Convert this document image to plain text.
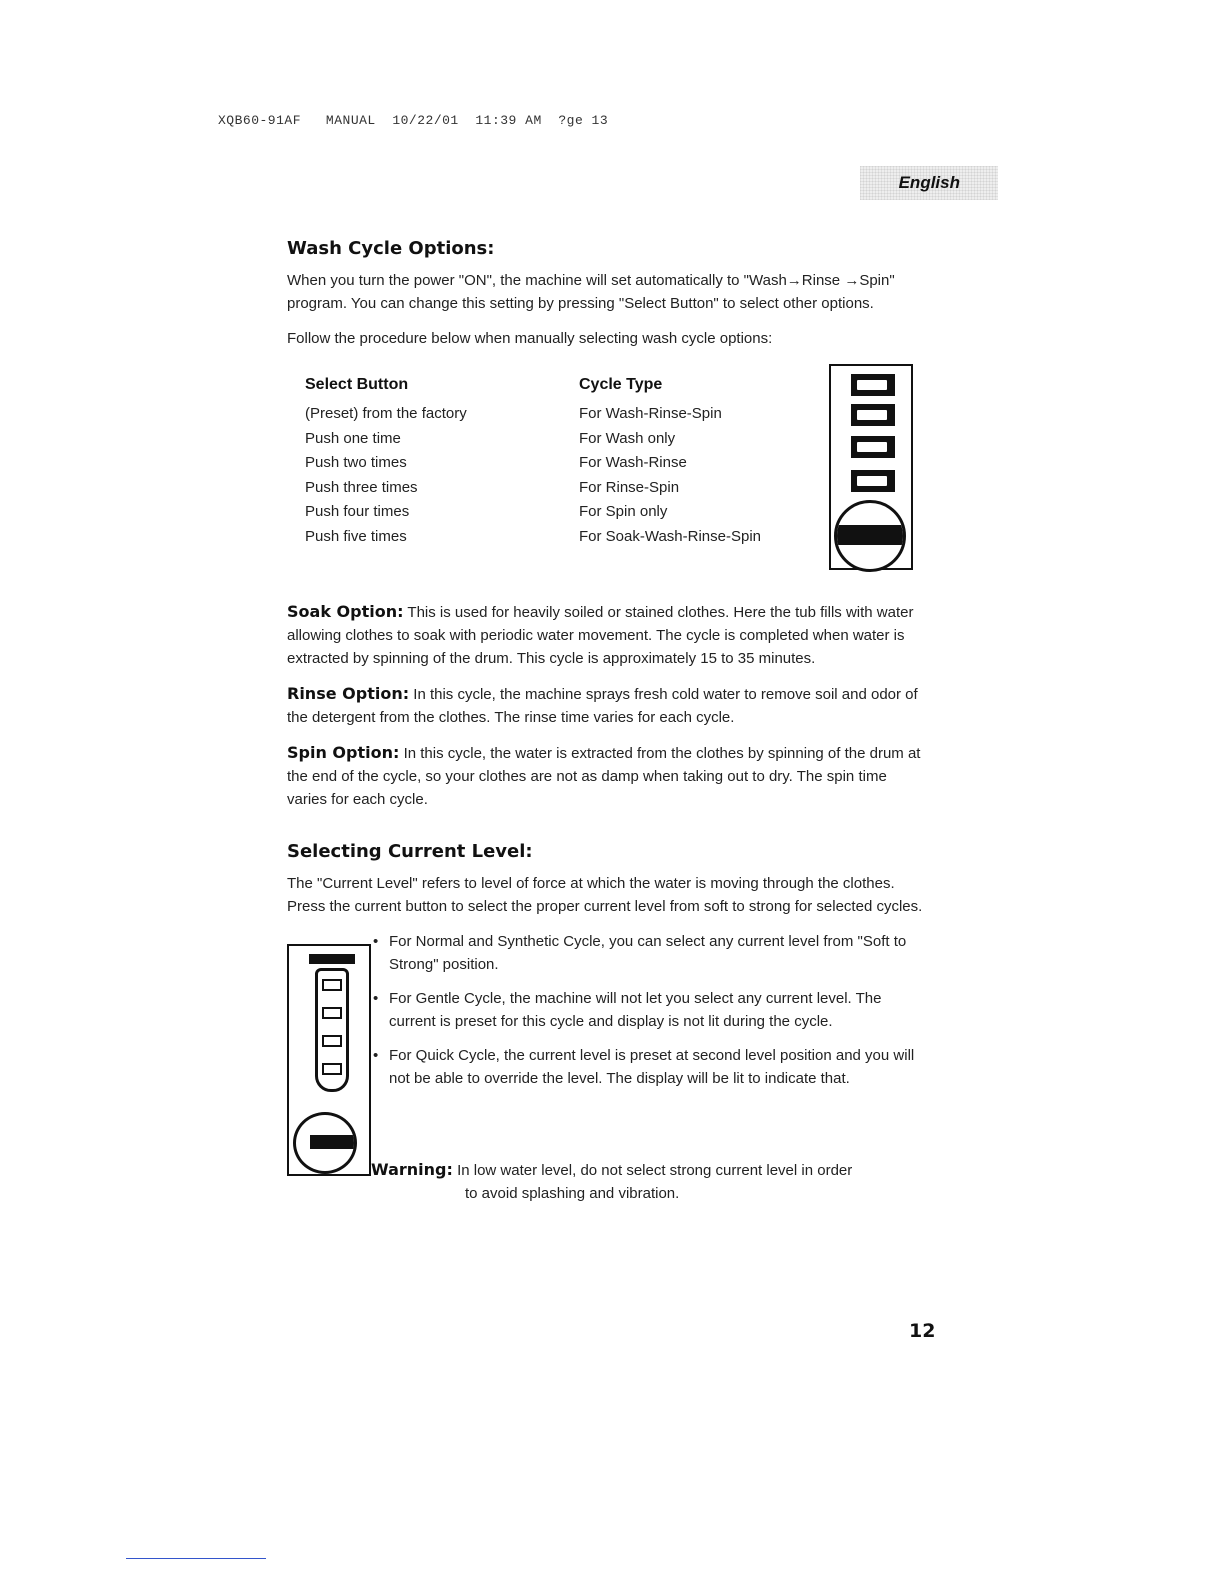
XQB60-91AF   MANUAL  10/22/01  11:39 AM  ?ge 13
English
Wash Cycle Options:

When you turn the power "ON", the machine will set automatically to "Wash→Rinse →Spin" program. You can change this setting by pressing "Select Button" to select other options.

Follow the procedure below when manually selecting wash cycle options:

Select Button
(Preset) from the factory
Push one time
Push two times
Push three times
Push four times
Push five times
Cycle Type
For Wash-Rinse-Spin
For Wash only
For Wash-Rinse
For Rinse-Spin
For Spin only
For Soak-Wash-Rinse-Spin

Soak Option: This is used for heavily soiled or stained clothes. Here the tub fills with water allowing clothes to soak with periodic water movement. The cycle is completed when water is extracted by spinning of the drum. This cycle is approximately 15 to 35 minutes.

Rinse Option: In this cycle, the machine sprays fresh cold water to remove soil and odor of the detergent from the clothes. The rinse time varies for each cycle.

Spin Option: In this cycle, the water is extracted from the clothes by spinning of the drum at the end of the cycle, so your clothes are not as damp when taking out to dry. The spin time varies for each cycle.

Selecting Current Level:

The "Current Level" refers to level of force at which the water is moving through the clothes. Press the current button to select the proper current level from soft to strong for selected cycles.

• For Normal and Synthetic Cycle, you can select any current level from "Soft to Strong" position.
• For Gentle Cycle, the machine will not let you select any current level. The current is preset for this cycle and display is not lit during the cycle.
• For Quick Cycle, the current level is preset at second level position and you will not be able to override the level. The display will be lit to indicate that.
Warning: In low water level, do not select strong current level in order
to avoid splashing and vibration.
12
